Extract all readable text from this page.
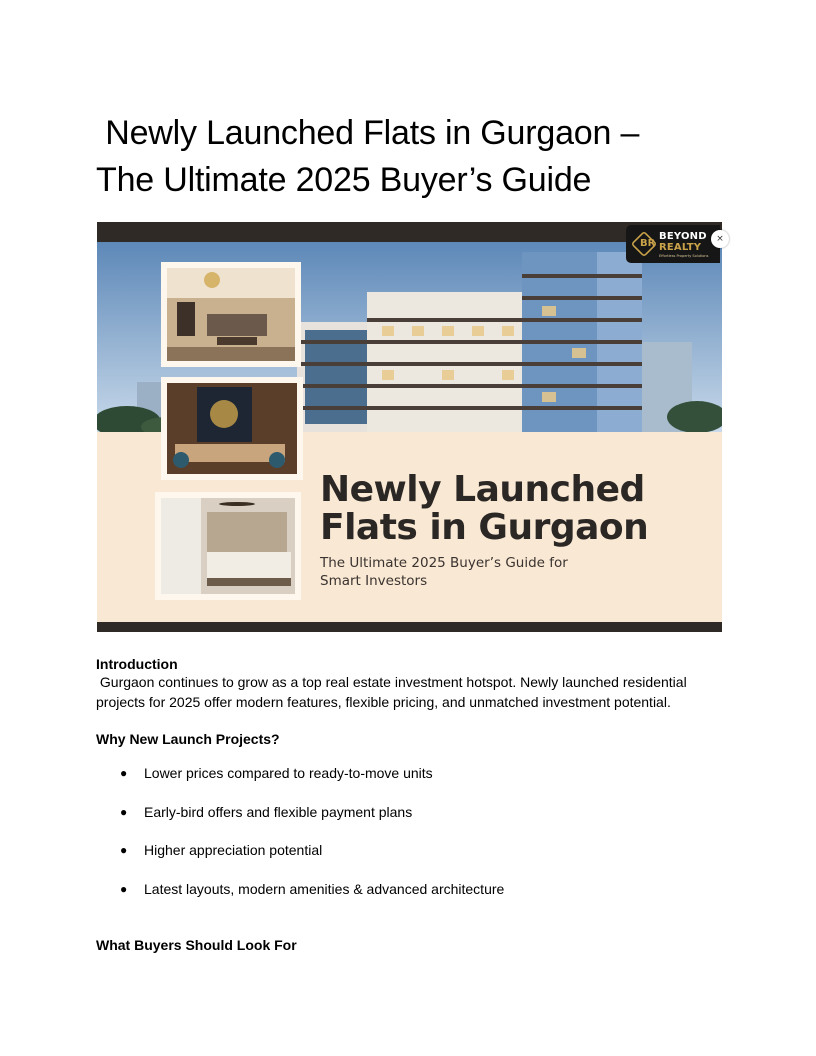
Newly Launched Flats in Gurgaon –
The Ultimate 2025 Buyer’s Guide
BR
BEYOND
REALTY
Effortless Property Solutions
×
Newly Launched
Flats in Gurgaon
The Ultimate 2025 Buyer’s Guide for
Smart Investors
Introduction
Gurgaon continues to grow as a top real estate investment hotspot. Newly launched residential
projects for 2025 offer modern features, flexible pricing, and unmatched investment potential.
Why New Launch Projects?
● Lower prices compared to ready-to-move units
● Early-bird offers and flexible payment plans
● Higher appreciation potential
● Latest layouts, modern amenities & advanced architecture
What Buyers Should Look For
